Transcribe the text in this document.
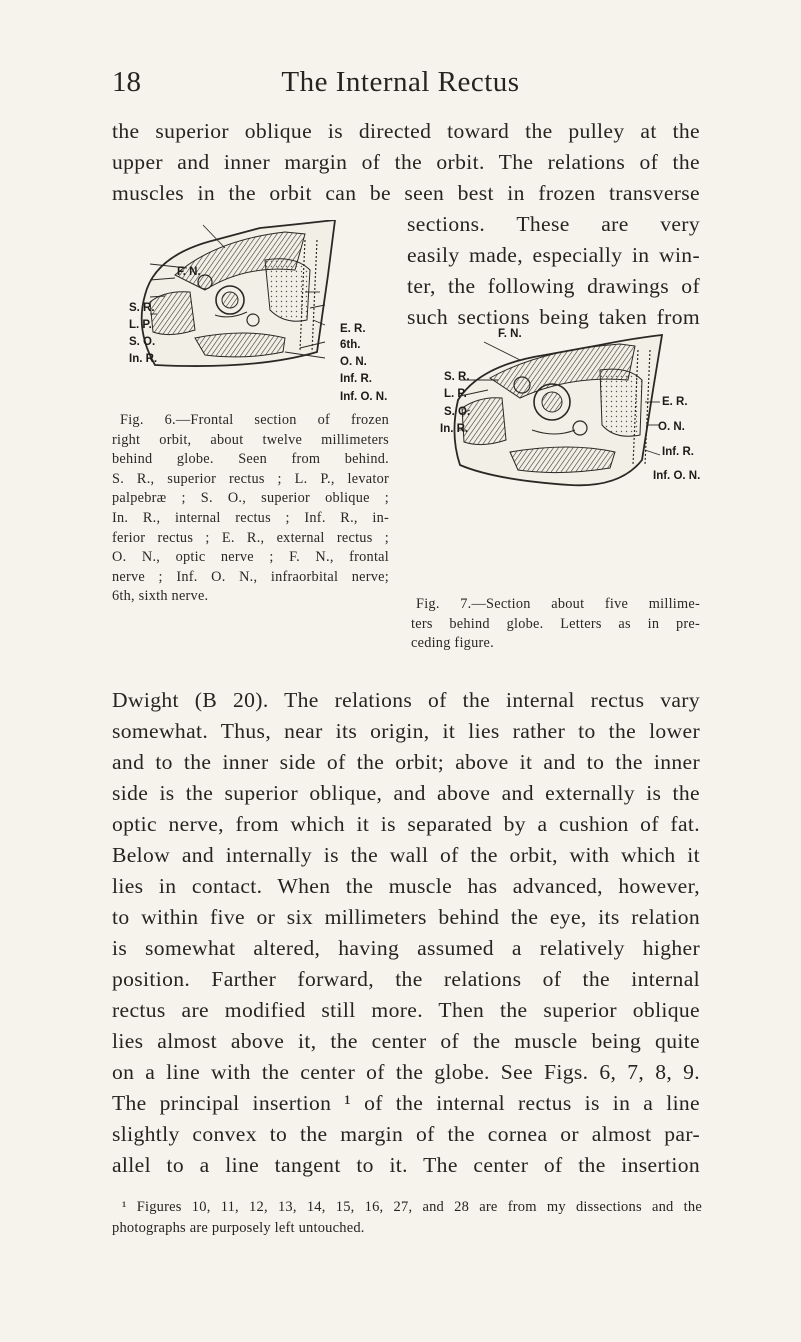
18	The Internal Rectus
the superior oblique is directed toward the pulley at the
upper and inner margin of the orbit. The relations of the
muscles in the orbit can be seen best in frozen transverse
sections. These are very
easily made, especially in win-
ter, the following drawings of
such sections being taken from
F. N.
S. R.
L. P.
S. O.
In. R.
E. R.
6th.
O. N.
Inf. R.
Inf. O. N.
Fig. 6.—Frontal section of frozen
right orbit, about twelve millimeters
behind globe. Seen from behind.
S. R., superior rectus ; L. P., levator
palpebræ ; S. O., superior oblique ;
In. R., internal rectus ; Inf. R., in-
ferior rectus ; E. R., external rectus ;
O. N., optic nerve ; F. N., frontal
nerve ; Inf. O. N., infraorbital nerve;
6th, sixth nerve.
F. N.
S. R.
L. P.
S. O.
In. R.
E. R.
O. N.
Inf. R.
Inf. O. N.
Fig. 7.—Section about five millime-
ters behind globe. Letters as in pre-
ceding figure.
Dwight (B 20). The relations of the internal rectus vary
somewhat. Thus, near its origin, it lies rather to the lower
and to the inner side of the orbit; above it and to the inner
side is the superior oblique, and above and externally is the
optic nerve, from which it is separated by a cushion of fat.
Below and internally is the wall of the orbit, with which it
lies in contact. When the muscle has advanced, however,
to within five or six millimeters behind the eye, its relation
is somewhat altered, having assumed a relatively higher
position. Farther forward, the relations of the internal
rectus are modified still more. Then the superior oblique
lies almost above it, the center of the muscle being quite
on a line with the center of the globe. See Figs. 6, 7, 8, 9.
The principal insertion ¹ of the internal rectus is in a line
slightly convex to the margin of the cornea or almost par-
allel to a line tangent to it. The center of the insertion
¹ Figures 10, 11, 12, 13, 14, 15, 16, 27, and 28 are from my dissections and the
photographs are purposely left untouched.
